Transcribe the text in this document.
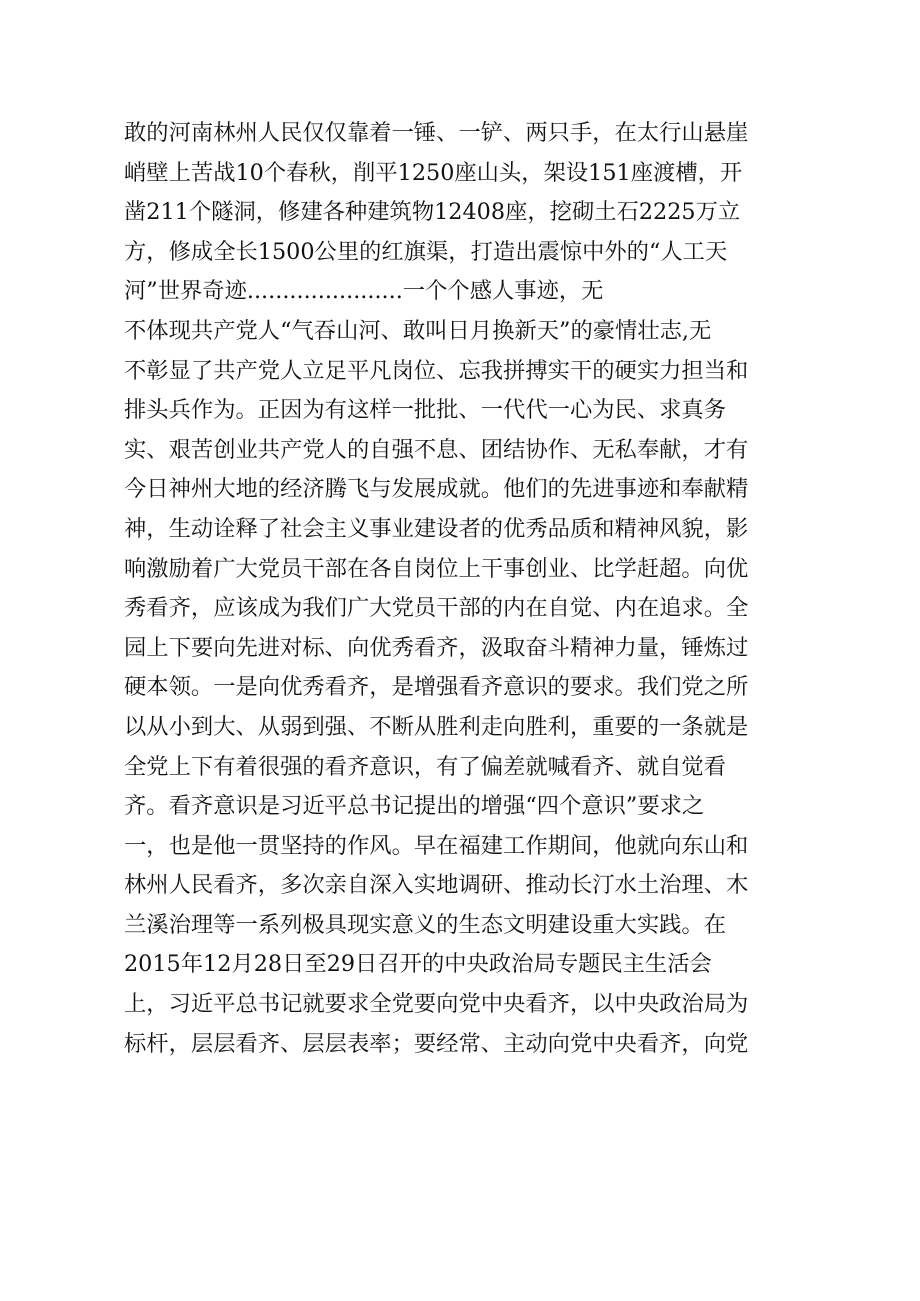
敢的河南林州人民仅仅靠着一锤、一铲、两只手，在太行山悬崖
峭壁上苦战10个春秋，削平1250座山头，架设151座渡槽，开
凿211个隧洞，修建各种建筑物12408座，挖砌土石2225万立
方，修成全长1500公里的红旗渠，打造出震惊中外的“人工天
河”世界奇迹......................一个个感人事迹，无
不体现共产党人“气吞山河、敢叫日月换新天”的豪情壮志,无
不彰显了共产党人立足平凡岗位、忘我拼搏实干的硬实力担当和
排头兵作为。正因为有这样一批批、一代代一心为民、求真务
实、艰苦创业共产党人的自强不息、团结协作、无私奉献，才有
今日神州大地的经济腾飞与发展成就。他们的先进事迹和奉献精
神，生动诠释了社会主义事业建设者的优秀品质和精神风貌，影
响激励着广大党员干部在各自岗位上干事创业、比学赶超。向优
秀看齐，应该成为我们广大党员干部的内在自觉、内在追求。全
园上下要向先进对标、向优秀看齐，汲取奋斗精神力量，锤炼过
硬本领。一是向优秀看齐，是增强看齐意识的要求。我们党之所
以从小到大、从弱到强、不断从胜利走向胜利，重要的一条就是
全党上下有着很强的看齐意识，有了偏差就喊看齐、就自觉看
齐。看齐意识是习近平总书记提出的增强“四个意识”要求之
一，也是他一贯坚持的作风。早在福建工作期间，他就向东山和
林州人民看齐，多次亲自深入实地调研、推动长汀水土治理、木
兰溪治理等一系列极具现实意义的生态文明建设重大实践。在
2015年12月28日至29日召开的中央政治局专题民主生活会
上，习近平总书记就要求全党要向党中央看齐，以中央政治局为
标杆，层层看齐、层层表率；要经常、主动向党中央看齐，向党
